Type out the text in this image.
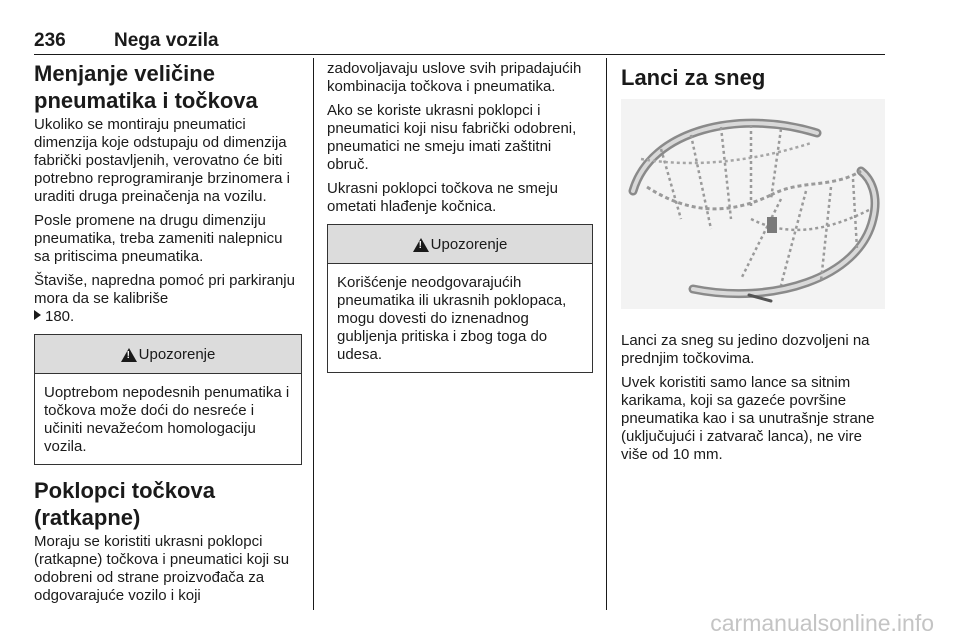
236	Nega vozila
Menjanje veličine pneumatika i točkova

Ukoliko se montiraju pneumatici dimenzija koje odstupaju od dimenzija fabrički postavljenih, verovatno će biti potrebno reprogramiranje brzinomera i uraditi druga preinačenja na vozilu.

Posle promene na drugu dimenziju pneumatika, treba zameniti nalepnicu sa pritiscima pneumatika.

Štaviše, napredna pomoć pri parkiranju mora da se kalibriše
180.

!
Upozorenje
Uoptrebom nepodesnih penumatika i točkova može doći do nesreće i učiniti nevažećom homologaciju vozila.
Poklopci točkova (ratkapne)

Moraju se koristiti ukrasni poklopci (ratkapne) točkova i pneumatici koji su odobreni od strane proizvođača za odgovarajuće vozilo i koji

zadovoljavaju uslove svih pripadajućih kombinacija točkova i pneumatika.

Ako se koriste ukrasni poklopci i pneumatici koji nisu fabrički odobreni, pneumatici ne smeju imati zaštitni obruč.

Ukrasni poklopci točkova ne smeju ometati hlađenje kočnica.

!
Upozorenje
Korišćenje neodgovarajućih pneumatika ili ukrasnih poklopaca, mogu dovesti do iznenadnog gubljenja pritiska i zbog toga do udesa.
Lanci za sneg

Lanci za sneg su jedino dozvoljeni na prednjim točkovima.

Uvek koristiti samo lance sa sitnim karikama, koji sa gazeće površine pneumatika kao i sa unutrašnje strane (uključujući i zatvarač lanca), ne vire više od 10 mm.

carmanualsonline.info
